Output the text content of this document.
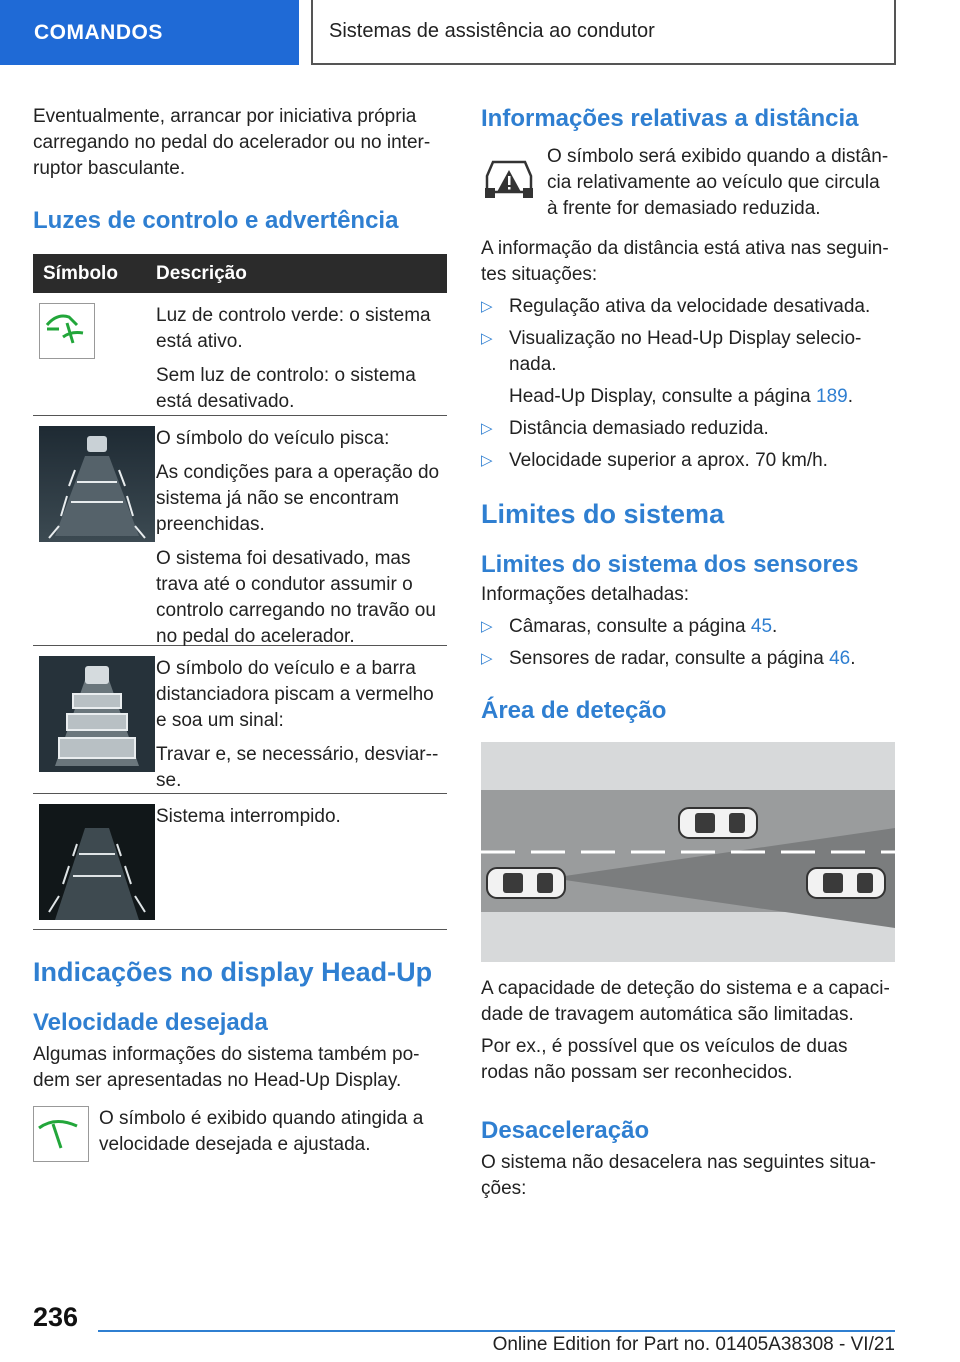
COMANDOS	Sistemas de assistência ao condutor

Eventualmente, arrancar por iniciativa própria carregando no pedal do acelerador ou no inter-ruptor basculante.

Luzes de controlo e advertência
Símbolo	Descrição

Luz de controlo verde: o sistema está ativo.

Sem luz de controlo: o sistema está desativado.

O símbolo do veículo pisca:

As condições para a operação do sistema já não se encontram preenchidas.

O sistema foi desativado, mas trava até o condutor assumir o controlo carregando no travão ou no pedal do acelerador.

O símbolo do veículo e a barra distanciadora piscam a vermelho e soa um sinal:

Travar e, se necessário, desviar--se.

Sistema interrompido.

Indicações no display Head-Up
Velocidade desejada

Algumas informações do sistema também po-dem ser apresentadas no Head-Up Display.

O símbolo é exibido quando atingida a velocidade desejada e ajustada.

Informações relativas a distância

O símbolo será exibido quando a distân-cia relativamente ao veículo que circula à frente for demasiado reduzida.

A informação da distância está ativa nas seguin-tes situações:

▷ Regulação ativa da velocidade desativada.
▷ Visualização no Head-Up Display selecio-nada.
Head-Up Display, consulte a página 189.
▷ Distância demasiado reduzida.
▷ Velocidade superior a aprox. 70 km/h.
Limites do sistema
Limites do sistema dos sensores

Informações detalhadas:

▷ Câmaras, consulte a página 45.
▷ Sensores de radar, consulte a página 46.
Área de deteção

A capacidade de deteção do sistema e a capaci-dade de travagem automática são limitadas.

Por ex., é possível que os veículos de duas rodas não possam ser reconhecidos.

Desaceleração

O sistema não desacelera nas seguintes situa-ções:

236
Online Edition for Part no. 01405A38308 - VI/21
